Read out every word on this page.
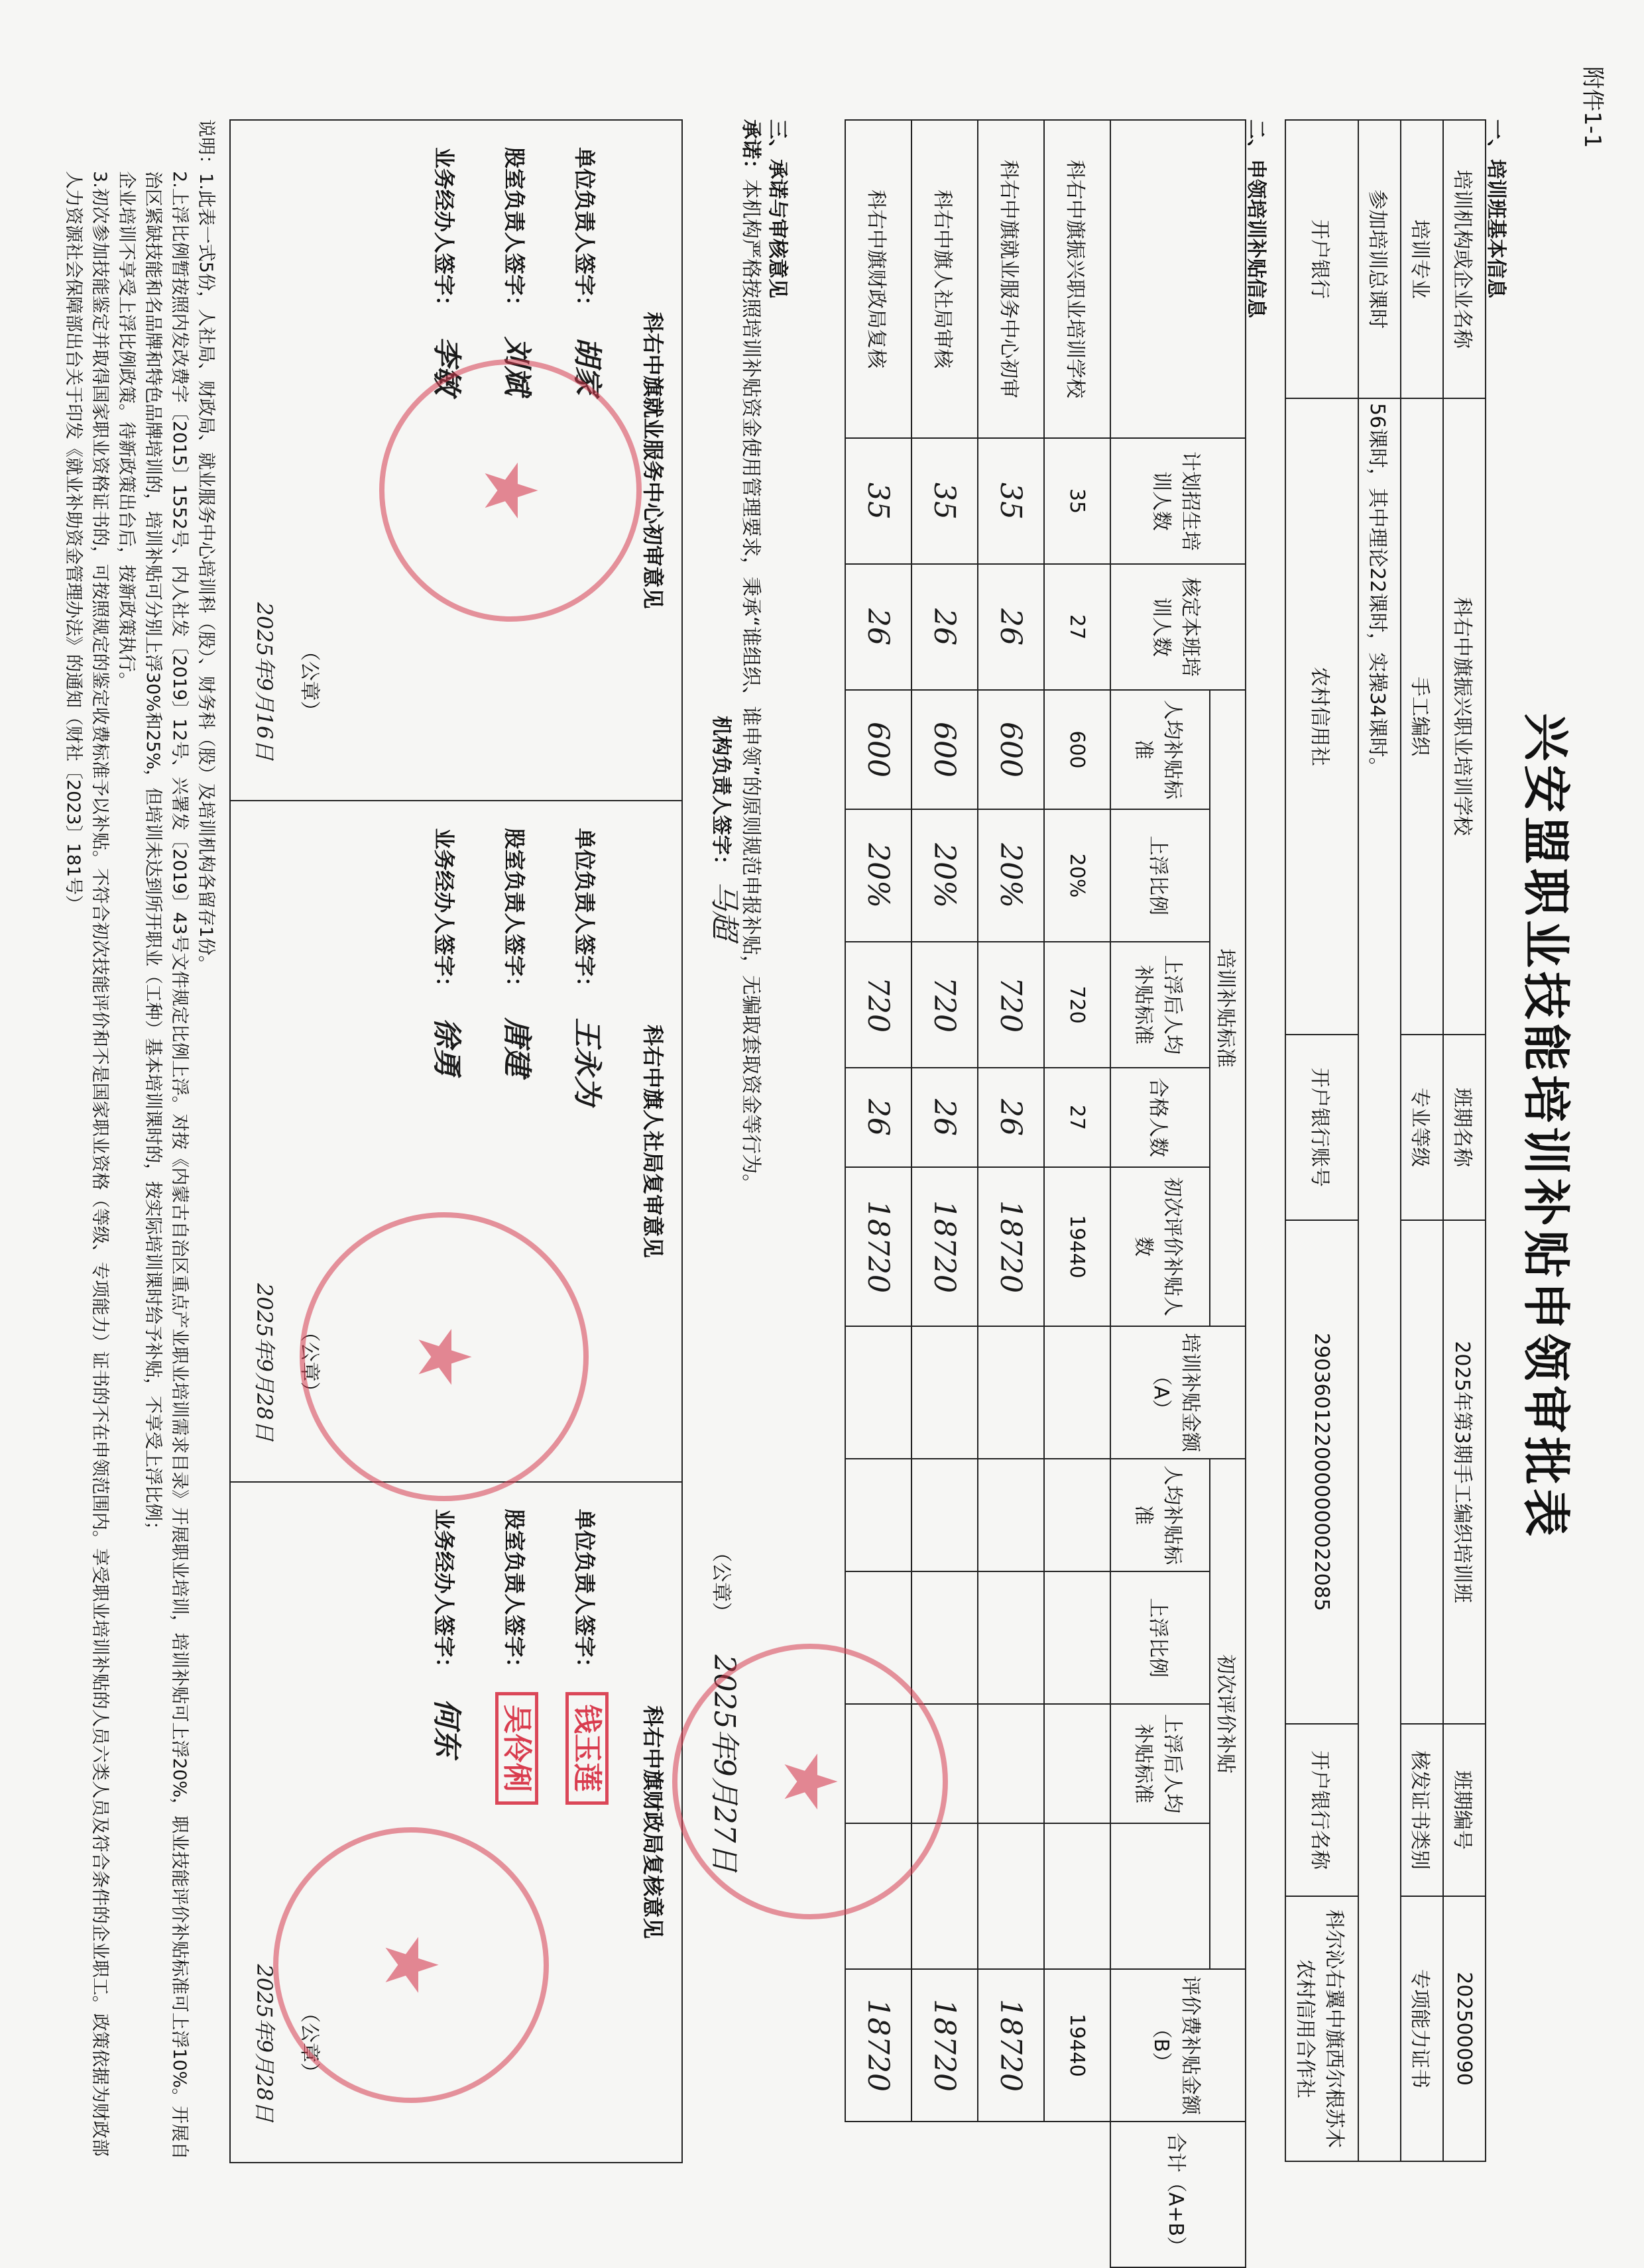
附件1-1
兴安盟职业技能培训补贴申领审批表
一、培训班基本信息
培训机构或企业名称	科右中旗振兴职业培训学校	班期名称	2025年第3期手工编织培训班	班期编号	202500090
培训专业	手工编织	专业等级		核发证书类别	专项能力证书
参加培训总课时	56课时，其中理论22课时，实操34课时。				
开户银行	农村信用社	开户银行账号	2903601220000000022085	开户银行名称	科尔沁右翼中旗西尔根苏木农村信用合作社
二、申领培训补贴信息
	计划招生培训人数	核定本班培训人数	培训补贴标准					培训补贴金额（A）	初次评价补贴				评价费补贴金额（B）	合计（A+B）
			人均补贴标准	上浮比例	上浮后人均补贴标准	合格人数	初次评价补贴人数		人均补贴标准	上浮比例	上浮后人均补贴标准			
科右中旗振兴职业培训学校	35	27	600	20%	720	27	19440						19440	
科右中旗就业服务中心初审	35	26	600	20%	720	26	18720						18720	
科右中旗人社局审核	35	26	600	20%	720	26	18720						18720	
科右中旗财政局复核	35	26	600	20%	720	26	18720						18720	
三、承诺与审核意见
承诺：本机构严格按照培训补贴资金使用管理要求，秉承“谁组织、谁申领”的原则规范申报补贴，无骗取套取资金等行为。
机构负责人签字： 马超 （公章） 2025年9月27日
科右中旗就业服务中心初审意见
单位负责人签字：胡家
股室负责人签字：刘斌
业务经办人签字：李敏
（公章）
2025年9月16日
★
科右中旗人社局复审意见
单位负责人签字：王永为
股室负责人签字：唐建
业务经办人签字：徐勇
（公章）
2025年9月28日 ★
科右中旗财政局复核意见
单位负责人签字：钱玉莲
股室负责人签字：吴伶俐
业务经办人签字：何东
（公章）
2025年9月28日 ★
★
说明：1.此表一式5份，人社局、财政局、就业服务中心培训科（股）、财务科（股）及培训机构各留存1份。
2.上浮比例暂按照内发改费字〔2015〕1552号、内人社发〔2019〕12号、兴署发〔2019〕43号文件规定比例上浮。对按《内蒙古自治区重点产业职业培训需求目录》开展职业培训，培训补贴可上浮20%，职业技能评价补贴标准可上浮10%。开展自治区紧缺技能和名品牌和特色品牌培训的，培训补贴可分别上浮30%和25%，但培训未达到所开职业（工种）基本培训课时的，按实际培训课时给予补贴，不享受上浮比例；
企业培训不享受上浮比例政策。待新政策出台后，按新政策执行。
3.初次参加技能鉴定并取得国家职业资格证书的，可按照规定的鉴定收费标准予以补贴。不符合初次技能评价和不是国家职业资格（等级、专项能力）证书的不在申领范围内。享受职业培训补贴的人员六类人员及符合条件的企业职工。政策依据为财政部人力资源社会保障部出台关于印发《就业补助资金管理办法》的通知（财社〔2023〕181号）
